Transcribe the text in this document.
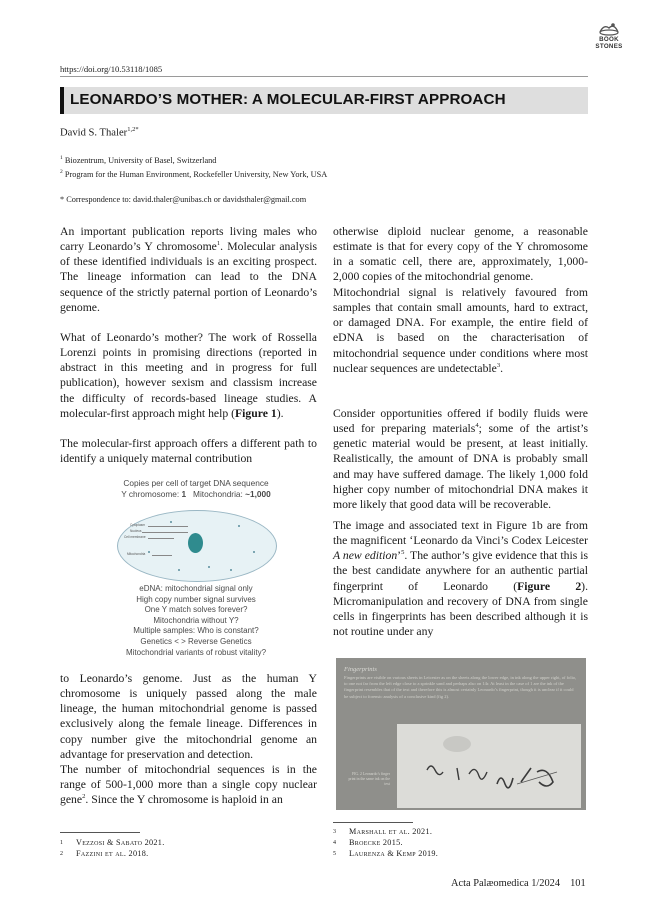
BOOK
STONES
https://doi.org/10.53118/1085
LEONARDO’S MOTHER: A MOLECULAR-FIRST APPROACH
David S. Thaler$^{1,2*}$
$^1$ Biozentrum, University of Basel, Switzerland
$^2$ Program for the Human Environment, Rockefeller University, New York, USA
* Correspondence to: david.thaler@unibas.ch or davidsthaler@gmail.com
An important publication reports living males who carry Leonardo’s Y chromosome$^1$. Molecular analysis of these identified individuals is an exciting prospect. The lineage information can lead to the DNA sequence of the strictly paternal portion of Leonardo’s genome.
What of Leonardo’s mother? The work of Rossella Lorenzi points in promising directions (reported in abstract in this meeting and in progress for full publication), however sexism and classism increase the difficulty of records-based lineage studies. A molecular-first approach might help (Figure 1).
The molecular-first approach offers a different path to identify a uniquely maternal contribution
Copies per cell of target DNA sequence
Y chromosome: 1 Mitochondria: ~1,000
Cytoplasm
Nucleus
Cell membrane
Mitochondria
eDNA: mitochondrial signal only
High copy number signal survives
One Y match solves forever?
Mitochondria without Y?
Multiple samples: Who is constant?
Genetics < > Reverse Genetics
Mitochondrial variants of robust vitality?
to Leonardo’s genome. Just as the human Y chromosome is uniquely passed along the male lineage, the human mitochondrial genome is passed exclusively along the female lineage. Differences in copy number give the mitochondrial genome an advantage for preservation and detection.
The number of mitochondrial sequences is in the range of 500-1,000 more than a single copy nuclear gene$^2$. Since the Y chromosome is haploid in an
otherwise diploid nuclear genome, a reasonable estimate is that for every copy of the Y chromosome in a somatic cell, there are, approximately, 1,000-2,000 copies of the mitochondrial genome.
Mitochondrial signal is relatively favoured from samples that contain small amounts, hard to extract, or damaged DNA. For example, the entire field of eDNA is based on the characterisation of mitochondrial sequence under conditions where most nuclear sequences are undetectable$^3$.
Consider opportunities offered if bodily fluids were used for preparing materials$^4$; some of the artist’s genetic material would be present, at least initially. Realistically, the amount of DNA is probably small and may have suffered damage. The likely 1,000 fold higher copy number of mitochondrial DNA makes it more likely that good data will be recoverable.
The image and associated text in Figure 1b are from the magnificent ‘Leonardo da Vinci’s Codex Leicester A new edition’$^5$. The author’s give evidence that this is the best candidate anywhere for an authentic partial fingerprint of Leonardo (Figure 2). Micromanipulation and recovery of DNA from single cells in fingerprints has been described although it is not routine under any
Fingerprints
Fingerprints are visible on various sheets in Leicester as on the sheets along the lower edge, in ink along the upper right, of folio, to one not far from the left edge close to a sprinkle sand and perhaps also on 14r. At least in the case of 1 are the ink of the fingerprint resembles that of the text and therefore this is almost certainly Leonardo’s fingerprint, though it is unclear if it could be subject to forensic analysis of a conclusive kind (fig 2).
FIG. 2 Leonardo’s finger print in the same ink on the text
1 Vezzosi & Sabato 2021.
2 Fazzini et al. 2018.
3 Marshall et al. 2021.
4 Broecke 2015.
5 Laurenza & Kemp 2019.
Acta Palæomedica 1/2024 101
